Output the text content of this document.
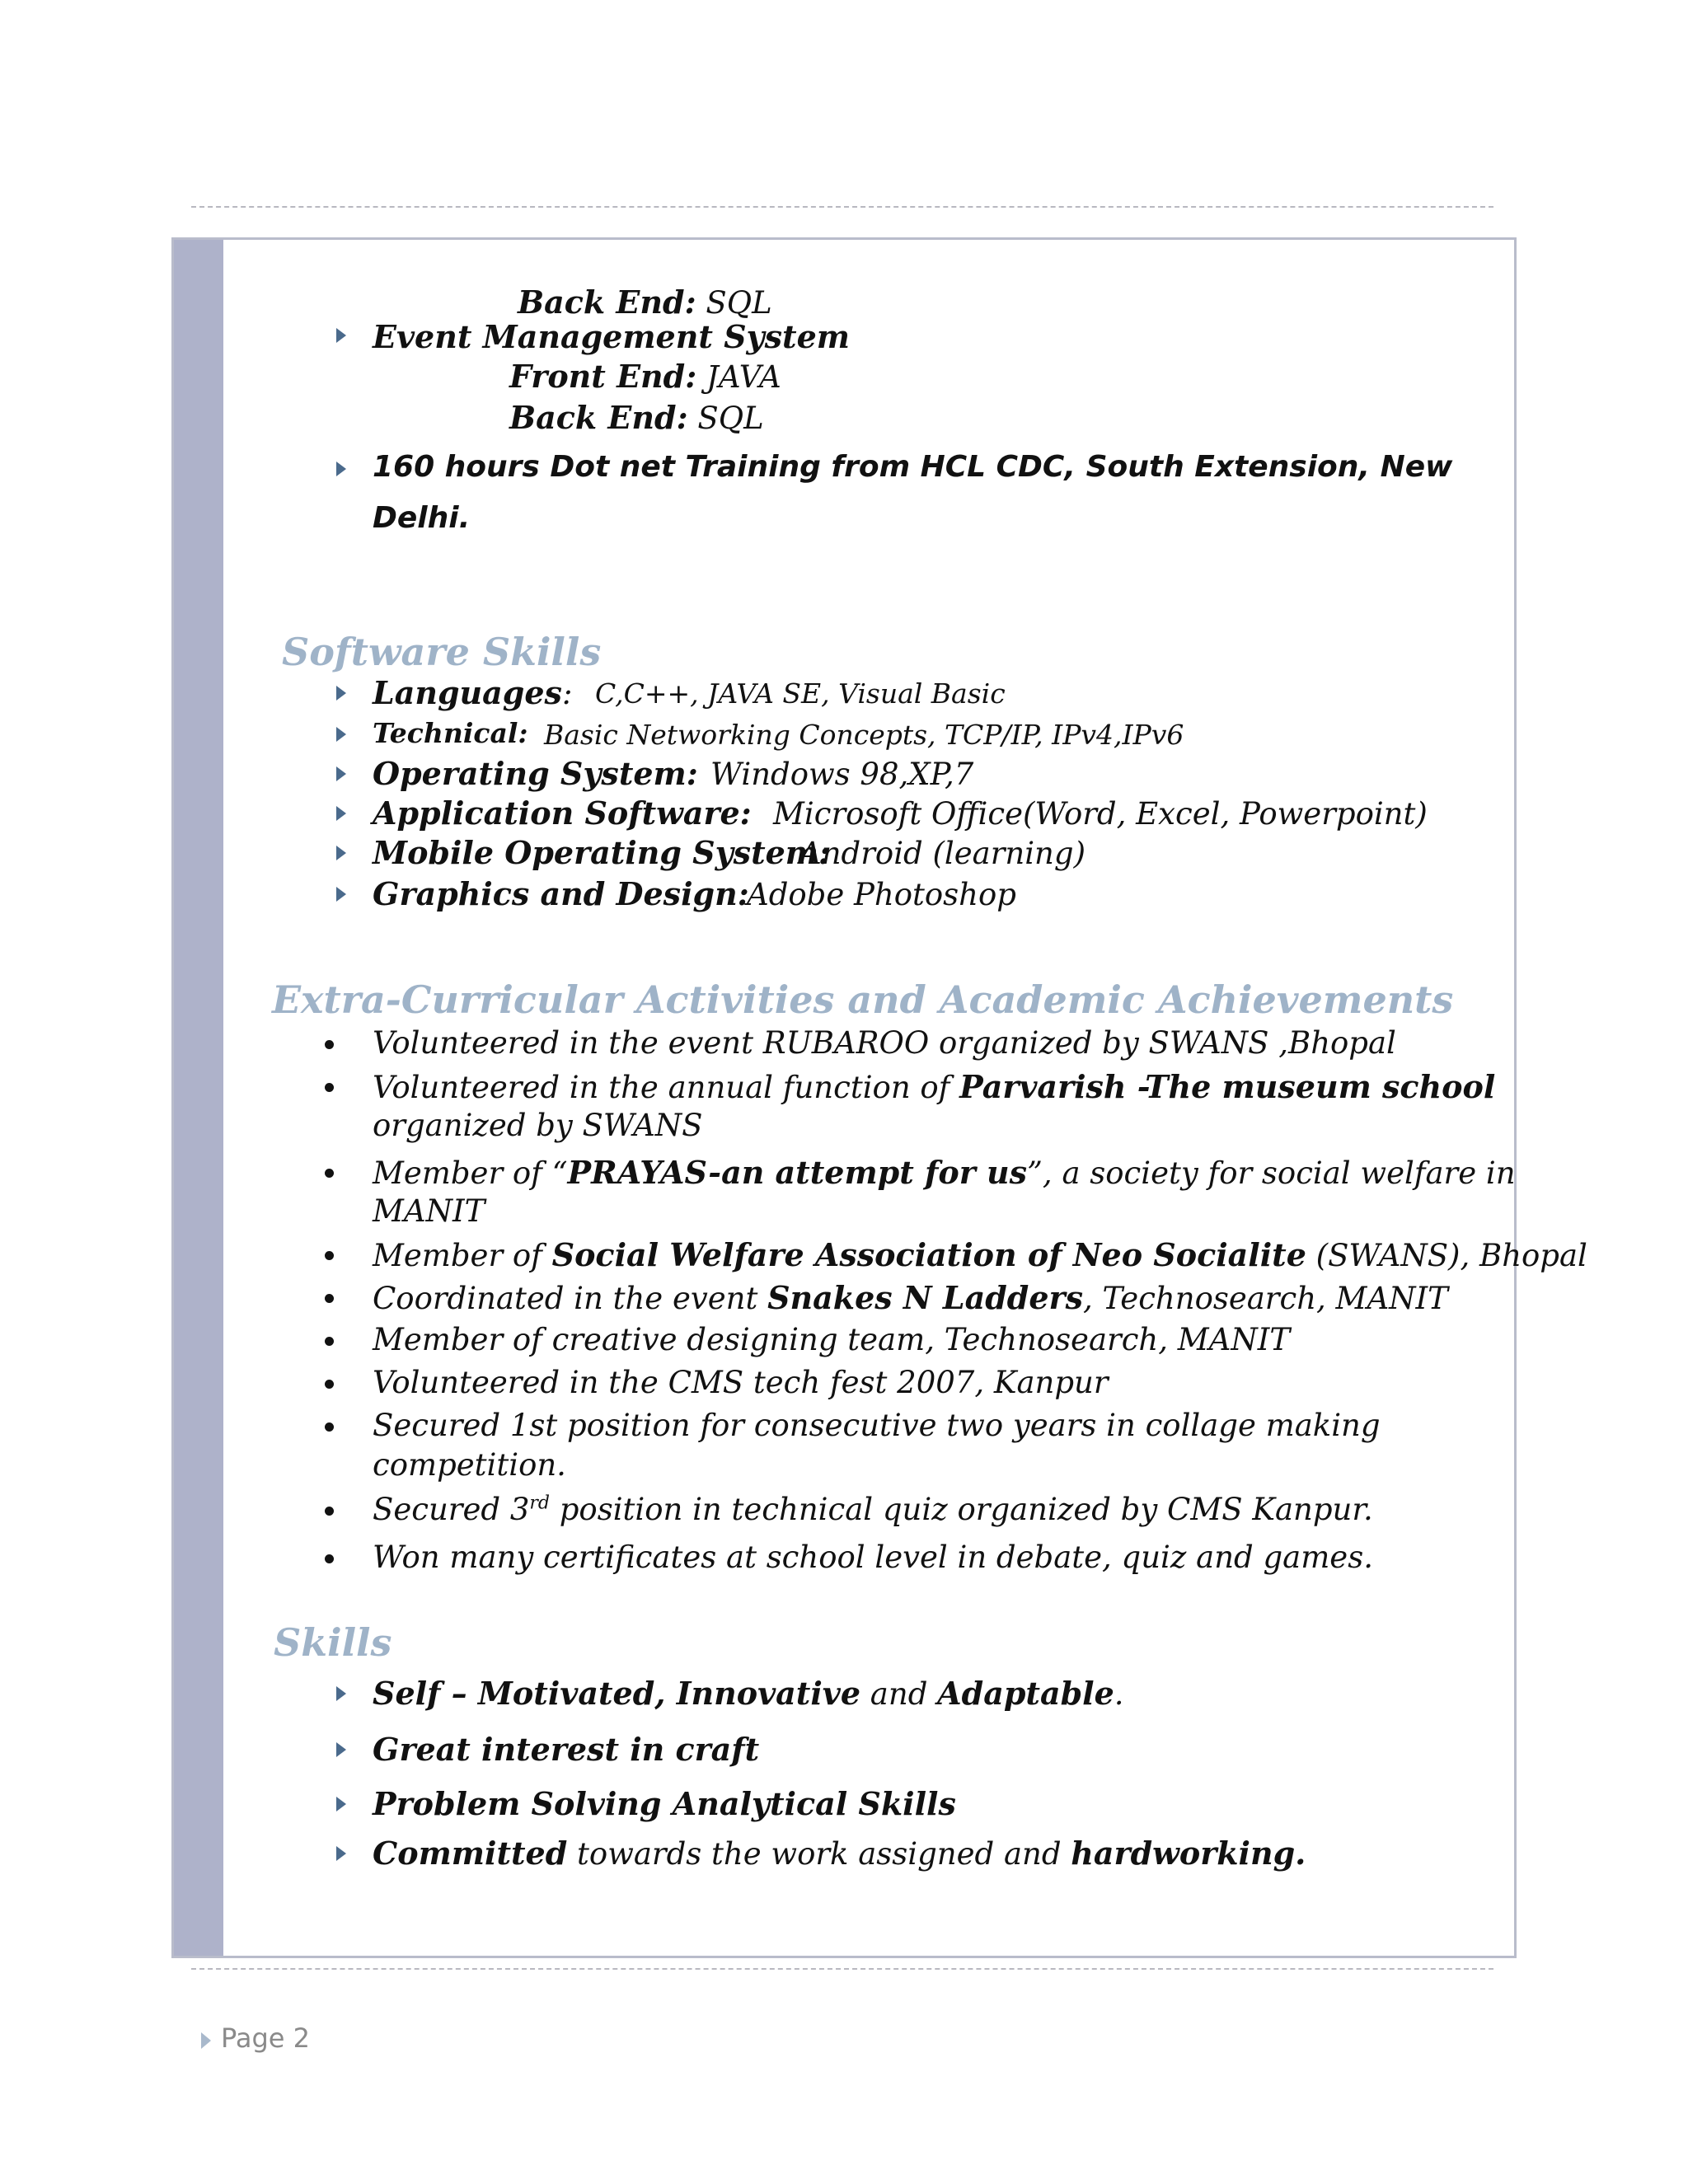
Back End: SQL
Event Management System
Front End: JAVA
Back End: SQL
160 hours Dot net Training from HCL CDC, South Extension, New
Delhi.
Software Skills
Languages: C,C++, JAVA SE, Visual Basic
Technical: Basic Networking Concepts, TCP/IP, IPv4,IPv6
Operating System: Windows 98,XP,7
Application Software: Microsoft Office(Word, Excel, Powerpoint)
Mobile Operating System:
Android (learning)
Graphics and Design:
Adobe Photoshop
Extra-Curricular Activities and Academic Achievements
Volunteered in the event RUBAROO organized by SWANS ,Bhopal
Volunteered in the annual function of Parvarish -The museum school
organized by SWANS
Member of “PRAYAS-an attempt for us”, a society for social welfare in
MANIT
Member of Social Welfare Association of Neo Socialite (SWANS), Bhopal
Coordinated in the event Snakes N Ladders, Technosearch, MANIT
Member of creative designing team, Technosearch, MANIT
Volunteered in the CMS tech fest 2007, Kanpur
Secured 1st position for consecutive two years in collage making
competition.
Secured 3rd position in technical quiz organized by CMS Kanpur.
Won many certificates at school level in debate, quiz and games.
Skills
Self – Motivated, Innovative and Adaptable.
Great interest in craft
Problem Solving Analytical Skills
Committed towards the work assigned and hardworking.
Page 2
